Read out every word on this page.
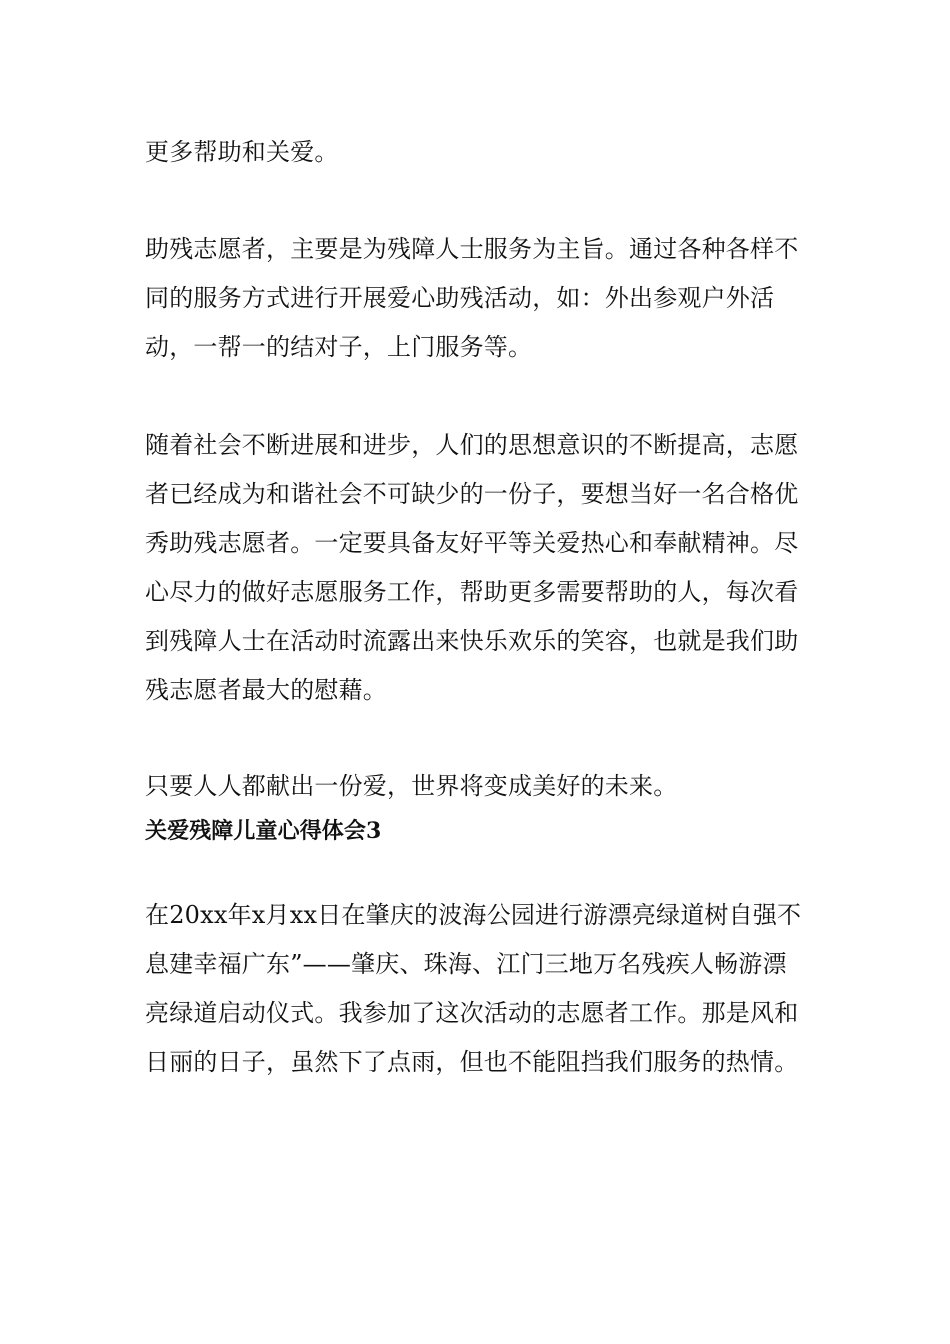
更多帮助和关爱。

助残志愿者，主要是为残障人士服务为主旨。通过各种各样不同的服务方式进行开展爱心助残活动，如：外出参观户外活动，一帮一的结对子，上门服务等。

随着社会不断进展和进步，人们的思想意识的不断提高，志愿者已经成为和谐社会不可缺少的一份子，要想当好一名合格优秀助残志愿者。一定要具备友好平等关爱热心和奉献精神。尽心尽力的做好志愿服务工作，帮助更多需要帮助的人，每次看到残障人士在活动时流露出来快乐欢乐的笑容，也就是我们助残志愿者最大的慰藉。

只要人人都献出一份爱，世界将变成美好的未来。

关爱残障儿童心得体会3

在20xx年x月xx日在肇庆的波海公园进行游漂亮绿道树自强不息建幸福广东”——肇庆、珠海、江门三地万名残疾人畅游漂亮绿道启动仪式。我参加了这次活动的志愿者工作。那是风和日丽的日子，虽然下了点雨，但也不能阻挡我们服务的热情。
